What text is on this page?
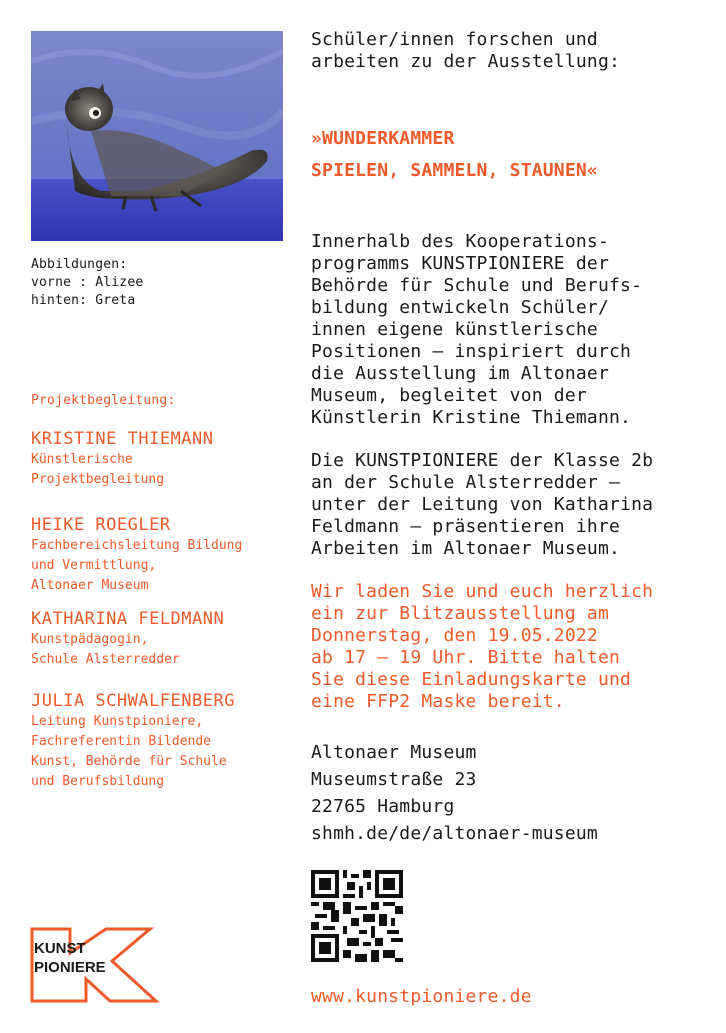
Abbildungen:
vorne : Alizee
hinten: Greta
Projektbegleitung:
KRISTINE THIEMANN
Künstlerische
Projektbegleitung
HEIKE ROEGLER
Fachbereichsleitung Bildung
und Vermittlung,
Altonaer Museum
KATHARINA FELDMANN
Kunstpädagogin,
Schule Alsterredder
JULIA SCHWALFENBERG
Leitung Kunstpioniere,
Fachreferentin Bildende
Kunst, Behörde für Schule
und Berufsbildung
Schüler/innen forschen und
arbeiten zu der Ausstellung:
»WUNDERKAMMER
SPIELEN, SAMMELN, STAUNEN«
Innerhalb des Kooperations-
programms KUNSTPIONIERE der
Behörde für Schule und Berufs-
bildung entwickeln Schüler/
innen eigene künstlerische
Positionen – inspiriert durch
die Ausstellung im Altonaer
Museum, begleitet von der
Künstlerin Kristine Thiemann.
Die KUNSTPIONIERE der Klasse 2b
an der Schule Alsterredder –
unter der Leitung von Katharina
Feldmann – präsentieren ihre
Arbeiten im Altonaer Museum.
Wir laden Sie und euch herzlich
ein zur Blitzausstellung am
Donnerstag, den 19.05.2022
ab 17 – 19 Uhr. Bitte halten
Sie diese Einladungskarte und
eine FFP2 Maske bereit.
Altonaer Museum
Museumstraße 23
22765 Hamburg
shmh.de/de/altonaer-museum
www.kunstpioniere.de
KUNST
PIONIERE
